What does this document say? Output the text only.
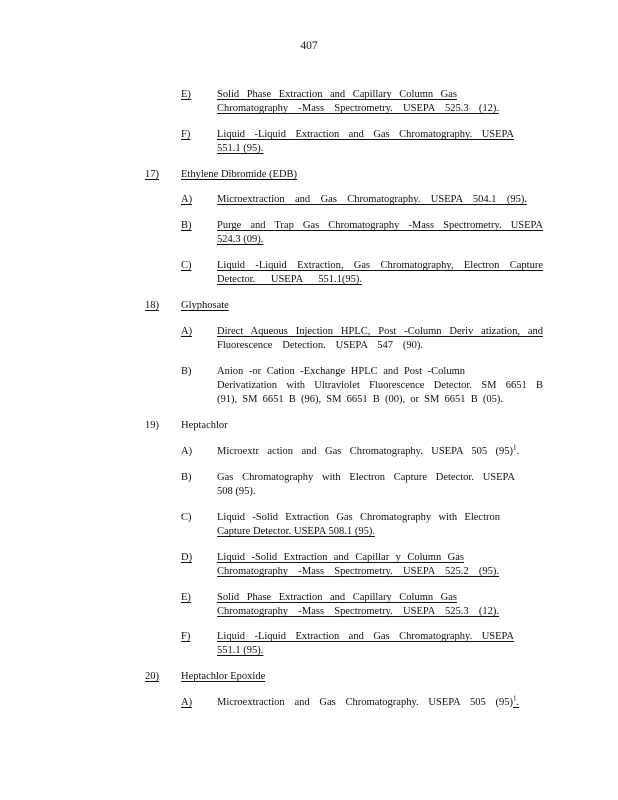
407
E) Solid Phase Extraction and Capillary Column Gas
Chromatography -Mass Spectrometry. USEPA 525.3 (12).
F)	Liquid -Liquid Extraction and Gas Chromatography. USEPA
551.1 (95).
17) Ethylene Dibromide (EDB)
A) Microextraction and Gas Chromatography. USEPA 504.1 (95).
B) Purge and Trap Gas Chromatography -Mass Spectrometry. USEPA
524.3 (09).
C) Liquid -Liquid Extraction, Gas Chromatography, Electron Capture
Detector. USEPA 551.1(95).
18) Glyphosate
A) Direct Aqueous Injection HPLC, Post -Column Deriv atization, and
Fluorescence Detection. USEPA 547 (90).
B) Anion -or Cation -Exchange HPLC and Post -Column
Derivatization with Ultraviolet Fluorescence Detector. SM 6651 B
(91), SM 6651 B (96), SM 6651 B (00), or SM 6651 B (05).
19) Heptachlor
A) Microextr action and Gas Chromatography. USEPA 505 $(95)^1$.
B) Gas Chromatography with Electron Capture Detector. USEPA
508 (95).
C) Liquid -Solid Extraction Gas Chromatography with Electron
Capture Detector. USEPA 508.1 (95).
D) Liquid -Solid Extraction and Capillar y Column Gas
Chromatography -Mass Spectrometry. USEPA 525.2 (95).
E) Solid Phase Extraction and Capillary Column Gas
Chromatography -Mass Spectrometry. USEPA 525.3 (12).
F)	Liquid -Liquid Extraction and Gas Chromatography. USEPA
551.1 (95).
20) Heptachlor Epoxide
A) Microextraction and Gas Chromatography. USEPA 505 $(95)^1$.
